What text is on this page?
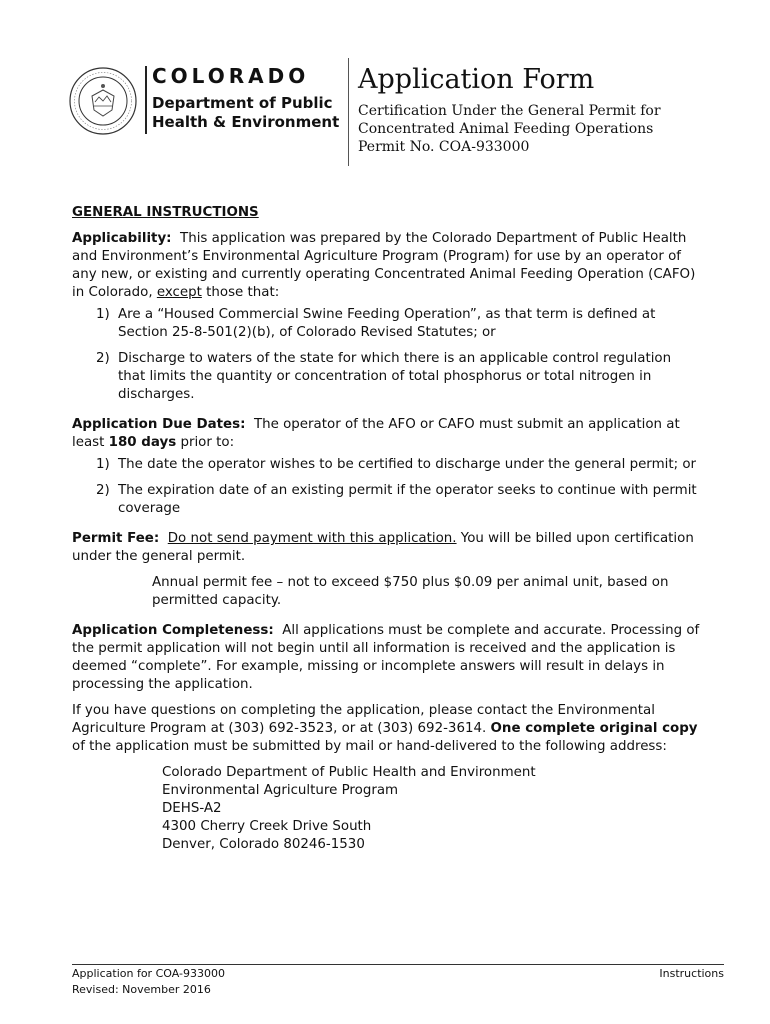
COLORADO
Department of Public
Health & Environment
Application Form
Certification Under the General Permit for
Concentrated Animal Feeding Operations
Permit No. COA-933000

GENERAL INSTRUCTIONS

Applicability:  This application was prepared by the Colorado Department of Public Health and Environment’s Environmental Agriculture Program (Program) for use by an operator of any new, or existing and currently operating Concentrated Animal Feeding Operation (CAFO) in Colorado, except those that:

1) Are a “Housed Commercial Swine Feeding Operation”, as that term is defined at Section 25-8-501(2)(b), of Colorado Revised Statutes; or
2) Discharge to waters of the state for which there is an applicable control regulation that limits the quantity or concentration of total phosphorus or total nitrogen in discharges.

Application Due Dates:  The operator of the AFO or CAFO must submit an application at least 180 days prior to:

1) The date the operator wishes to be certified to discharge under the general permit; or
2) The expiration date of an existing permit if the operator seeks to continue with permit coverage

Permit Fee: Do not send payment with this application. You will be billed upon certification under the general permit.

Annual permit fee – not to exceed $750 plus $0.09 per animal unit, based on permitted capacity.

Application Completeness:  All applications must be complete and accurate. Processing of the permit application will not begin until all information is received and the application is deemed “complete”. For example, missing or incomplete answers will result in delays in processing the application.

If you have questions on completing the application, please contact the Environmental Agriculture Program at (303) 692-3523, or at (303) 692-3614. One complete original copy of the application must be submitted by mail or hand-delivered to the following address:

Colorado Department of Public Health and Environment
Environmental Agriculture Program
DEHS-A2
4300 Cherry Creek Drive South
Denver, Colorado 80246-1530
Application for COA-933000
Revised: November 2016
Instructions
